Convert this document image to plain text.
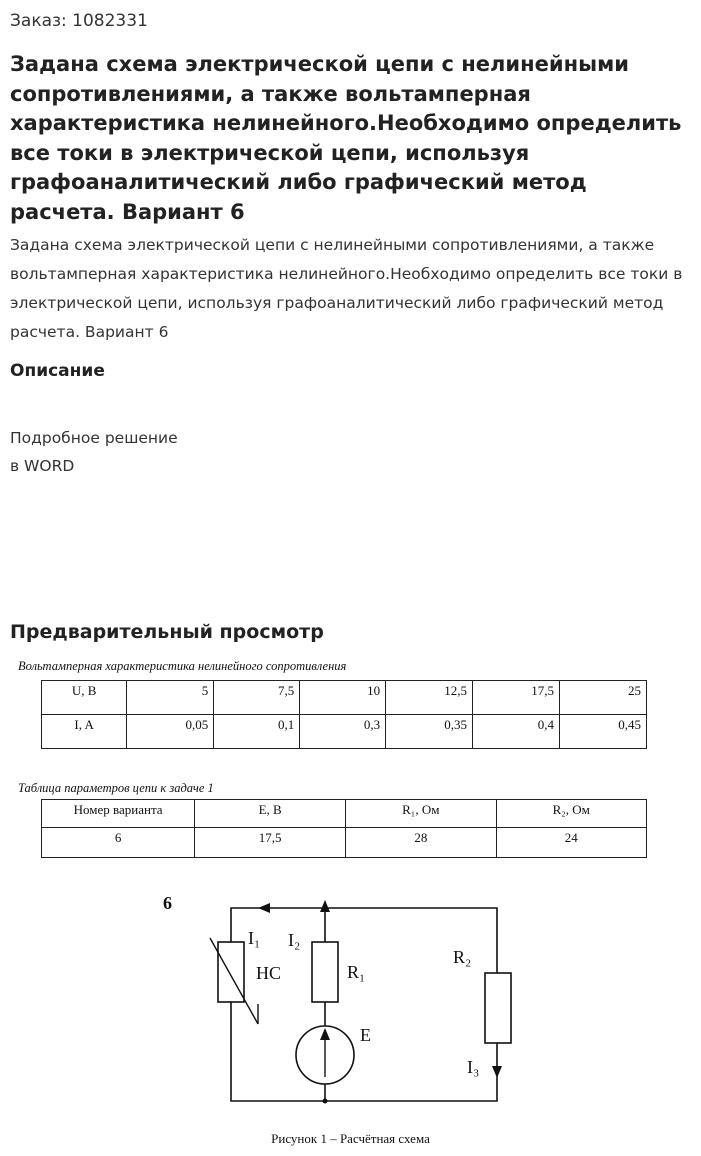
Заказ: 1082331
Задана схема электрической цепи с нелинейными сопротивлениями, а также вольтамперная характеристика нелинейного.Необходимо определить все токи в электрической цепи, используя графоаналитический либо графический метод расчета. Вариант 6

Задана схема электрической цепи с нелинейными сопротивлениями, а также вольтамперная характеристика нелинейного.Необходимо определить все токи в электрической цепи, используя графоаналитический либо графический метод расчета. Вариант 6

Описание
Подробное решение
в WORD
Предварительный просмотр
Вольтамперная характеристика нелинейного сопротивления
U, В	5	7,5	10	12,5	17,5	25
I, A	0,05	0,1	0,3	0,35	0,4	0,45
Таблица параметров цепи к задаче 1
Номер варианта	E, В	R₁, Ом	R₂, Ом
6	17,5	28	24
6
I₁ I₂
НС	R₁
R₂
E
I₃
Рисунок 1 – Расчётная схема
